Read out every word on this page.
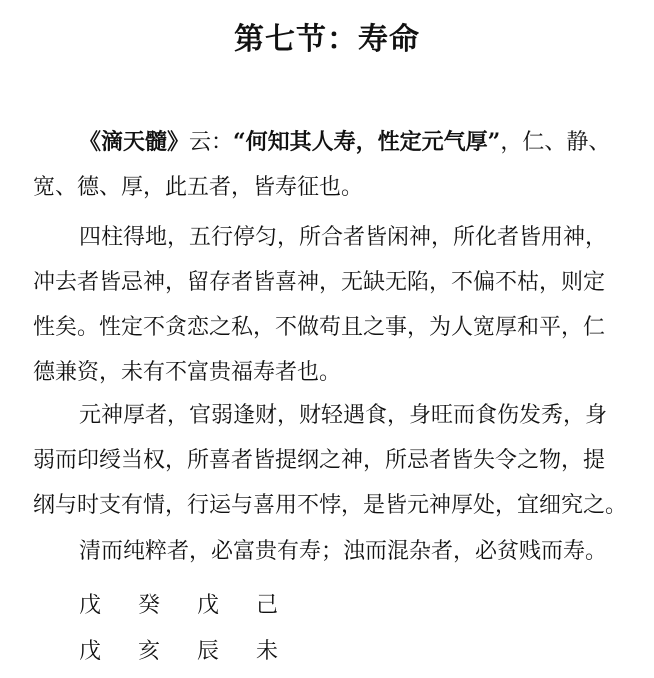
第七节：寿命
《滴天髓》云：“何知其人寿，性定元气厚”，仁、静、
宽、德、厚，此五者，皆寿征也。
四柱得地，五行停匀，所合者皆闲神，所化者皆用神，
冲去者皆忌神，留存者皆喜神，无缺无陷，不偏不枯，则定
性矣。性定不贪恋之私，不做苟且之事，为人宽厚和平，仁
德兼资，未有不富贵福寿者也。
元神厚者，官弱逢财，财轻遇食，身旺而食伤发秀，身
弱而印绶当权，所喜者皆提纲之神，所忌者皆失令之物，提
纲与时支有情，行运与喜用不悖，是皆元神厚处，宜细究之。
清而纯粹者，必富贵有寿；浊而混杂者，必贫贱而寿。
戊	癸	戊	己
戊	亥	辰	未
